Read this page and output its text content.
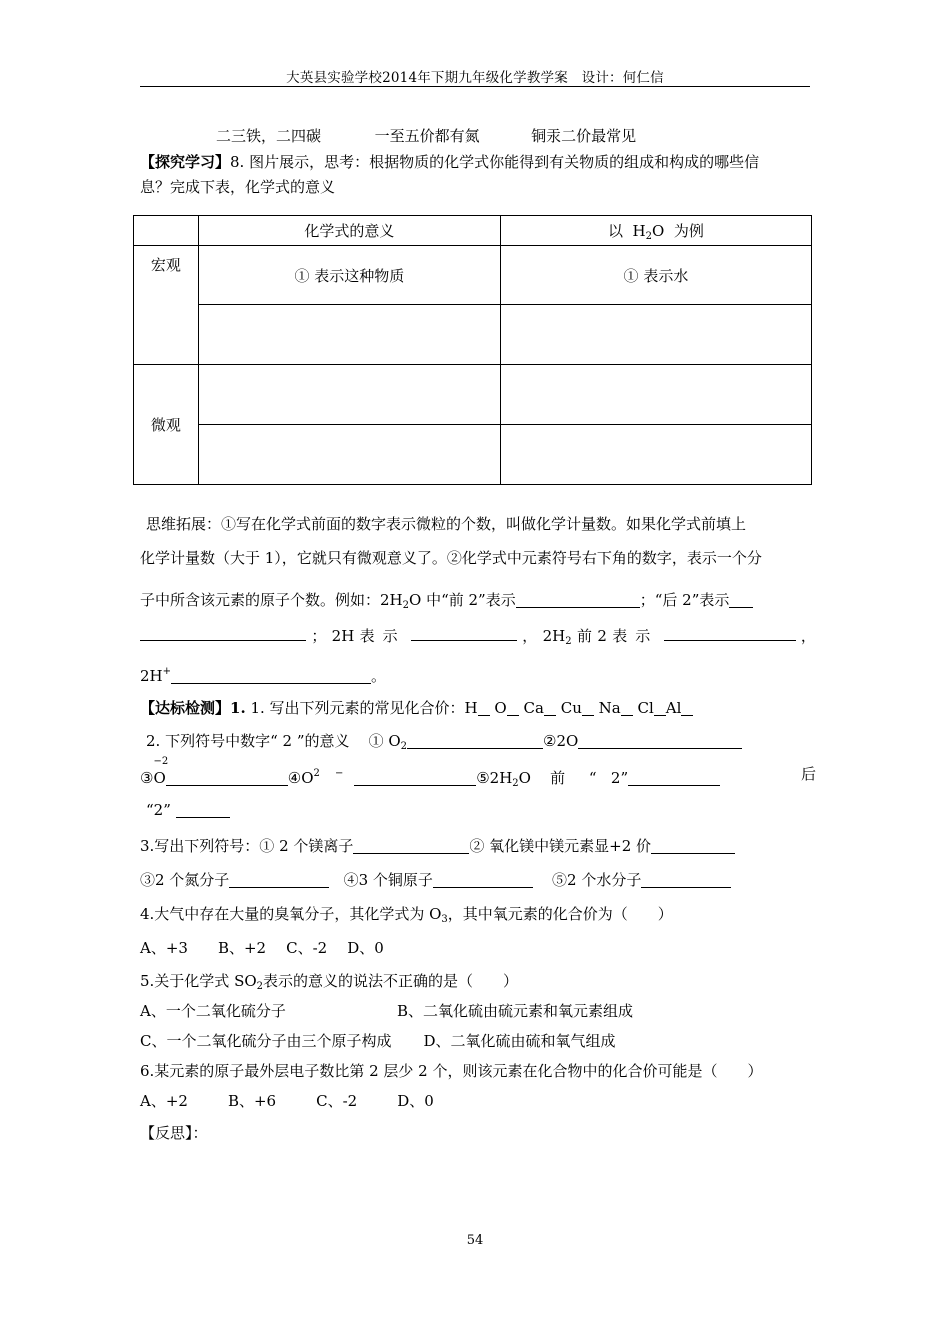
大英县实验学校2014年下期九年级化学教学案　设计：何仁信
二三铁，二四碳	一至五价都有氮	铜汞二价最常见
【探究学习】8. 图片展示，思考：根据物质的化学式你能得到有关物质的组成和构成的哪些信
息？完成下表，化学式的意义
	化学式的意义	以 $H_2O$ 为例
宏观	① 表示这种物质	① 表示水

微观		

思维拓展：①写在化学式前面的数字表示微粒的个数，叫做化学计量数。如果化学式前填上
化学计量数（大于 1），它就只有微观意义了。②化学式中元素符号右下角的数字，表示一个分
子中所含该元素的原子个数。例如：$2H_2O$ 中“前 2”表示	；“后 2”表示
； 2H 表示	， $2H_2$ 前 2 表示	，
2H+	。
【达标检测】1. 1. 写出下列元素的常见化合价：H O Ca Cu Na Cl Al
2. 下列符号中数字“ 2 ”的意义 ① $O_2$	②2O
③
−2
O	$④O^{2 -}$	$⑤2H_2O$ 前 “ 2”	后
“2”
3.写出下列符号：① 2 个镁离子	② 氧化镁中镁元素显+2 价
③2 个氮分子	④3 个铜原子	⑤2 个水分子
4.大气中存在大量的臭氧分子，其化学式为 $O_3$，其中氧元素的化合价为（　　）
A、+3 B、+2 C、-2 D、0
5.关于化学式 $SO_2$表示的意义的说法不正确的是（　　）
A、一个二氧化硫分子	B、二氧化硫由硫元素和氧元素组成
C、一个二氧化硫分子由三个原子构成 D、二氧化硫由硫和氧气组成
6.某元素的原子最外层电子数比第 2 层少 2 个，则该元素在化合物中的化合价可能是（　　）
A、+2	B、+6	C、-2	D、0
【反思】：
54
